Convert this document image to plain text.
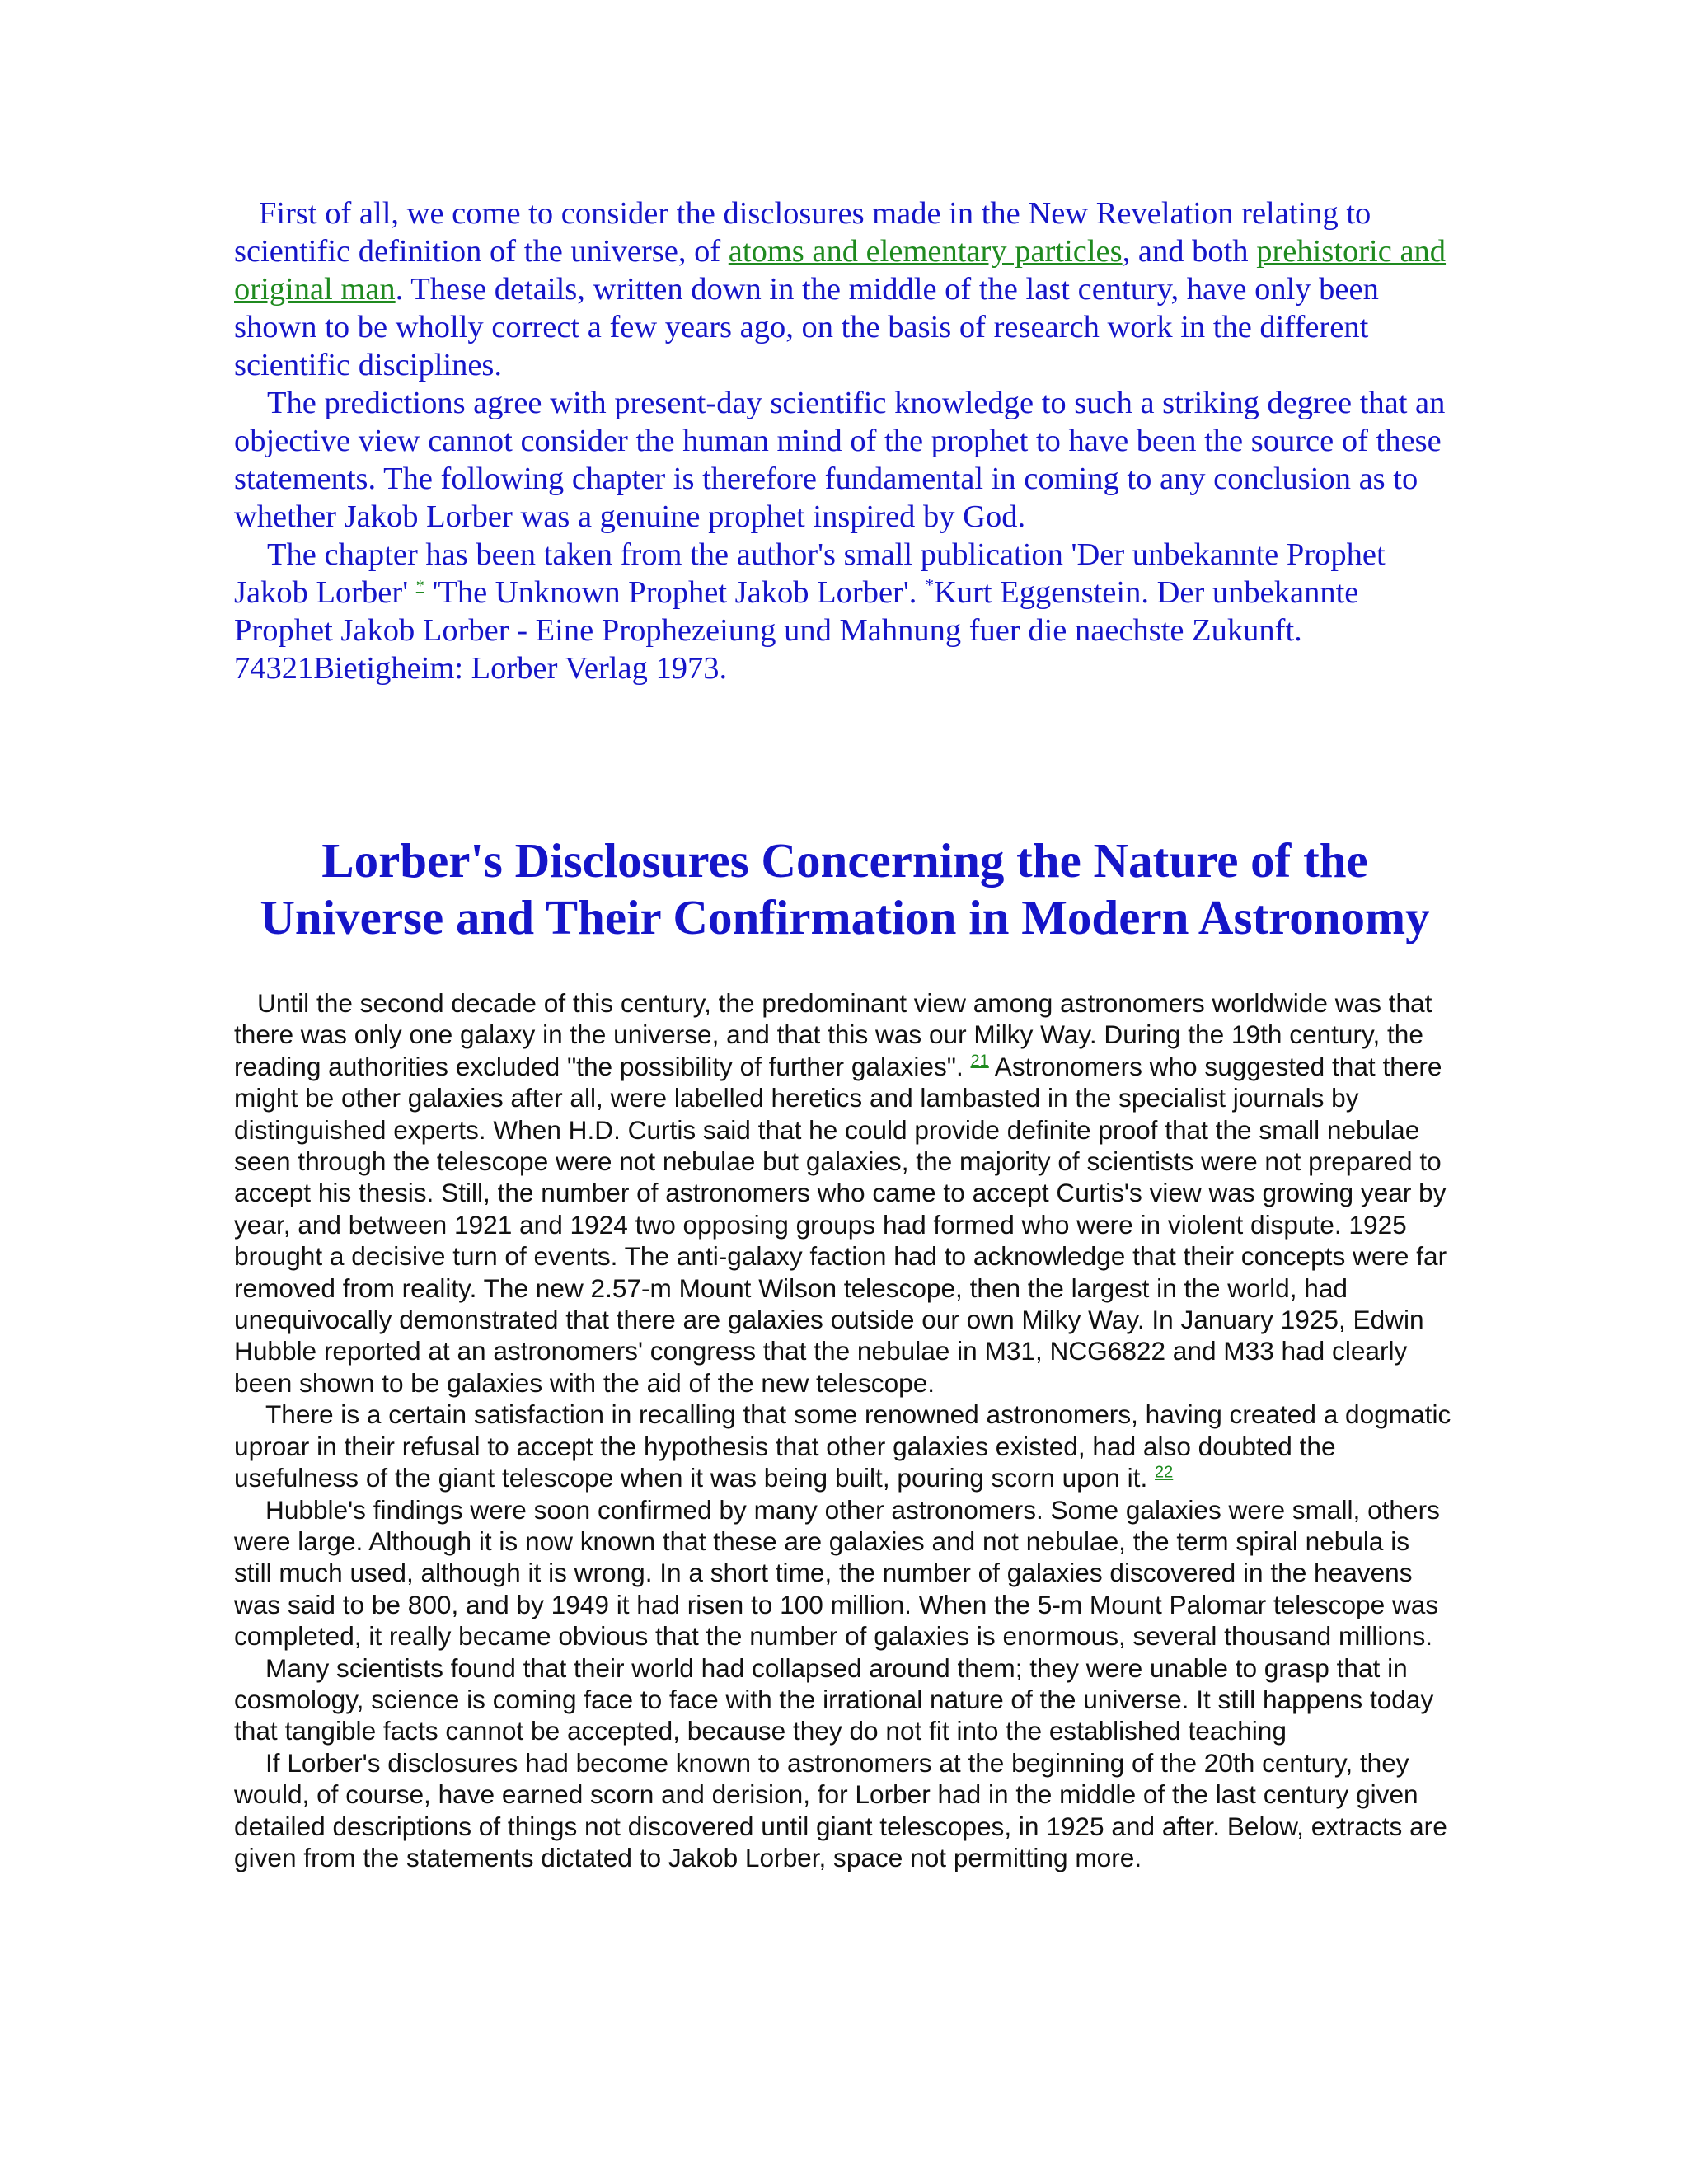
First of all, we come to consider the disclosures made in the New Revelation relating to scientific definition of the universe, of atoms and elementary particles, and both prehistoric and original man. These details, written down in the middle of the last century, have only been shown to be wholly correct a few years ago, on the basis of research work in the different scientific disciplines.

The predictions agree with present-day scientific knowledge to such a striking degree that an objective view cannot consider the human mind of the prophet to have been the source of these statements. The following chapter is therefore fundamental in coming to any conclusion as to whether Jakob Lorber was a genuine prophet inspired by God.

The chapter has been taken from the author's small publication 'Der unbekannte Prophet Jakob Lorber' * 'The Unknown Prophet Jakob Lorber'. *Kurt Eggenstein. Der unbekannte Prophet Jakob Lorber - Eine Prophezeiung und Mahnung fuer die naechste Zukunft. 74321Bietigheim: Lorber Verlag 1973.

Lorber's Disclosures Concerning the Nature of the
Universe and Their Confirmation in Modern Astronomy

Until the second decade of this century, the predominant view among astronomers worldwide was that there was only one galaxy in the universe, and that this was our Milky Way. During the 19th century, the reading authorities excluded "the possibility of further galaxies". $^{21}$ Astronomers who suggested that there might be other galaxies after all, were labelled heretics and lambasted in the specialist journals by distinguished experts. When H.D. Curtis said that he could provide definite proof that the small nebulae seen through the telescope were not nebulae but galaxies, the majority of scientists were not prepared to accept his thesis. Still, the number of astronomers who came to accept Curtis's view was growing year by year, and between 1921 and 1924 two opposing groups had formed who were in violent dispute. 1925 brought a decisive turn of events. The anti-galaxy faction had to acknowledge that their concepts were far removed from reality. The new 2.57-m Mount Wilson telescope, then the largest in the world, had unequivocally demonstrated that there are galaxies outside our own Milky Way. In January 1925, Edwin Hubble reported at an astronomers' congress that the nebulae in M31, NCG6822 and M33 had clearly been shown to be galaxies with the aid of the new telescope.

There is a certain satisfaction in recalling that some renowned astronomers, having created a dogmatic uproar in their refusal to accept the hypothesis that other galaxies existed, had also doubted the usefulness of the giant telescope when it was being built, pouring scorn upon it. $^{22}$

Hubble's findings were soon confirmed by many other astronomers. Some galaxies were small, others were large. Although it is now known that these are galaxies and not nebulae, the term spiral nebula is still much used, although it is wrong. In a short time, the number of galaxies discovered in the heavens was said to be 800, and by 1949 it had risen to 100 million. When the 5-m Mount Palomar telescope was completed, it really became obvious that the number of galaxies is enormous, several thousand millions.

Many scientists found that their world had collapsed around them; they were unable to grasp that in cosmology, science is coming face to face with the irrational nature of the universe. It still happens today that tangible facts cannot be accepted, because they do not fit into the established teaching

If Lorber's disclosures had become known to astronomers at the beginning of the 20th century, they would, of course, have earned scorn and derision, for Lorber had in the middle of the last century given detailed descriptions of things not discovered until giant telescopes, in 1925 and after. Below, extracts are given from the statements dictated to Jakob Lorber, space not permitting more.
